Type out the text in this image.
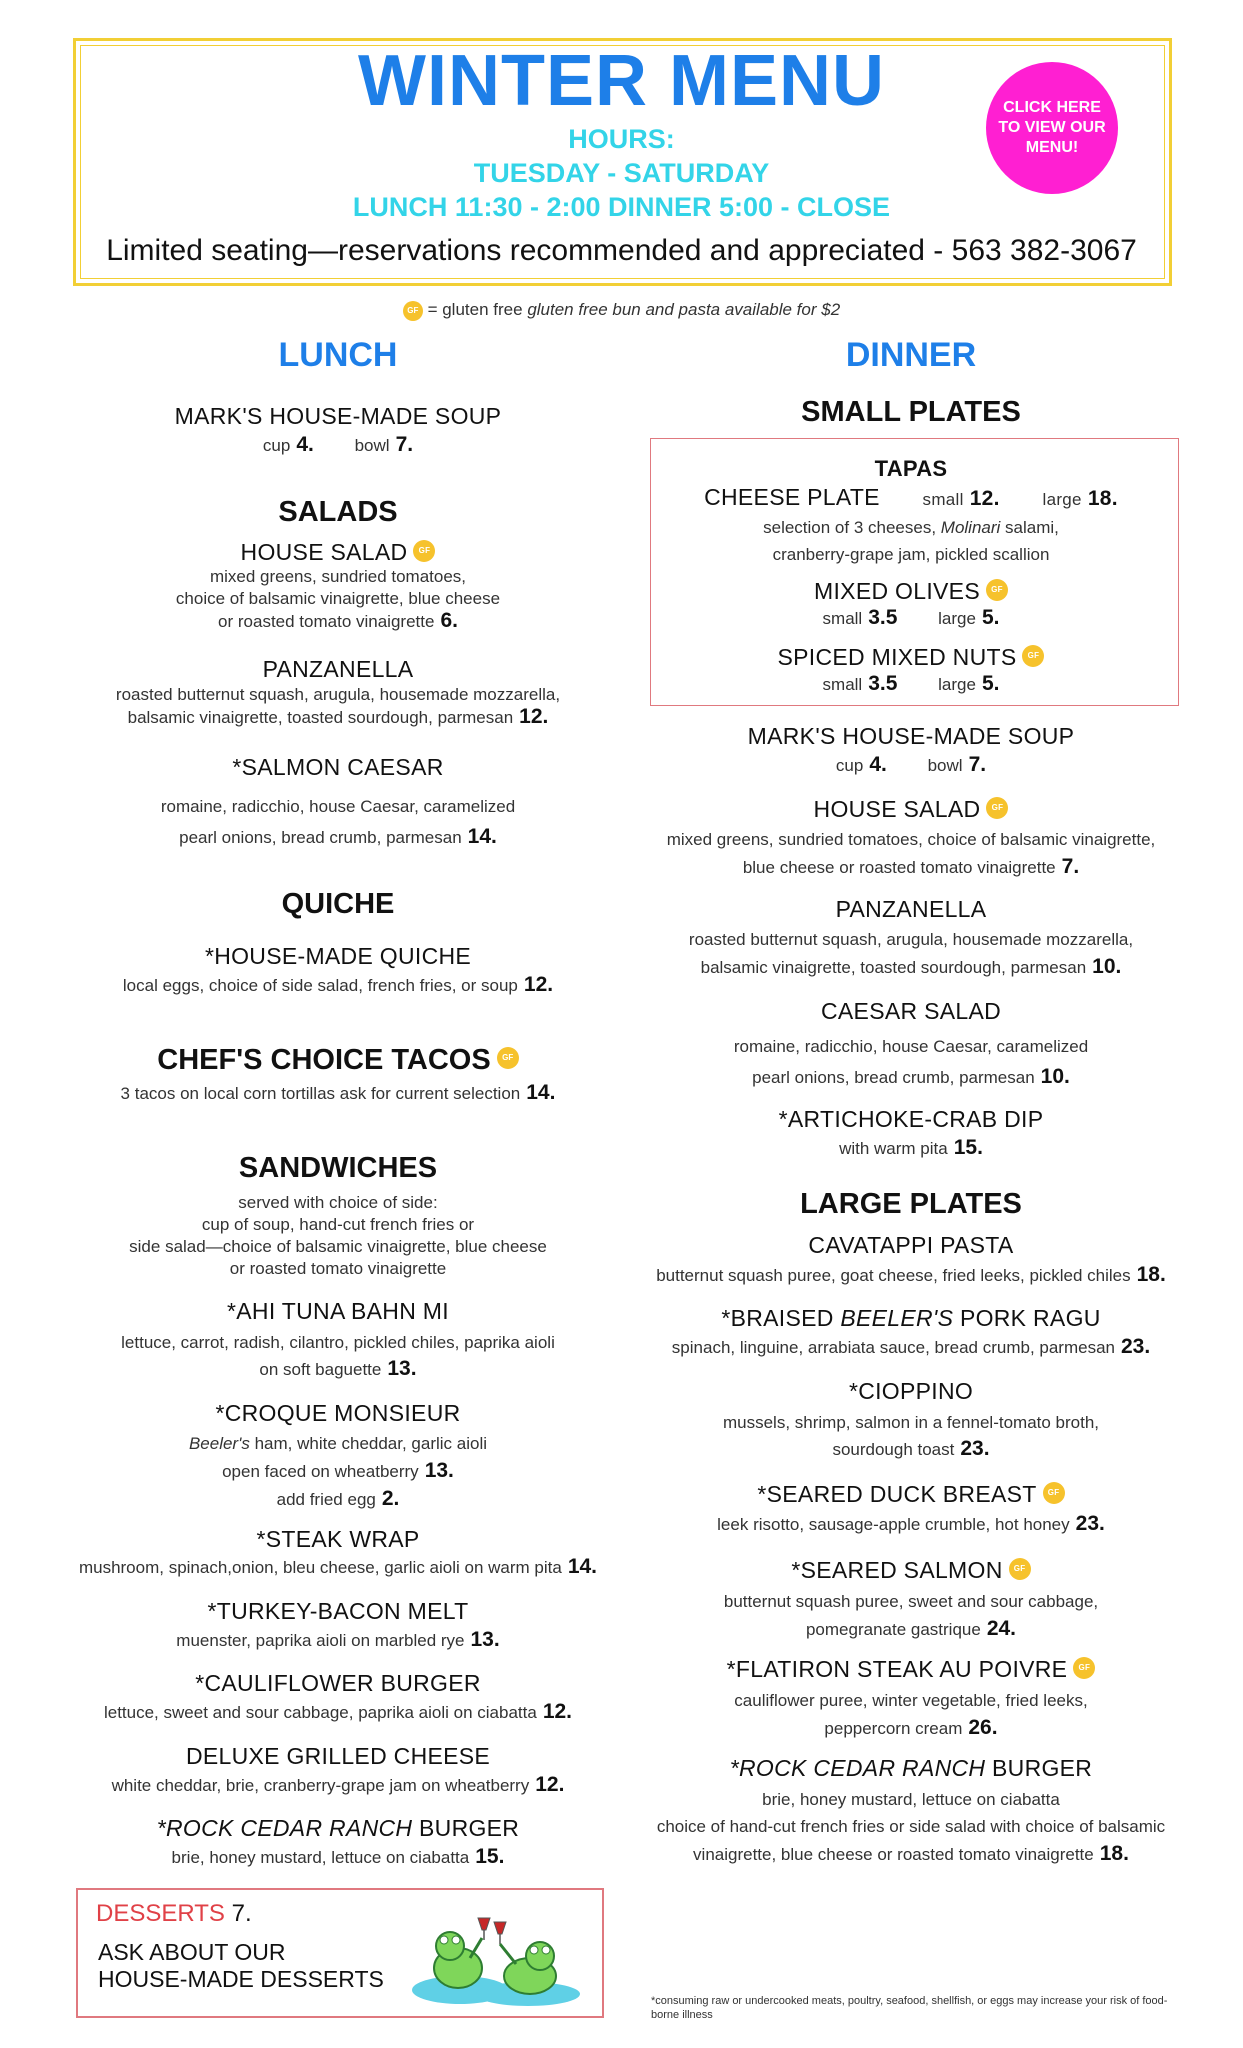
WINTER MENU
HOURS:
TUESDAY - SATURDAY
LUNCH 11:30 - 2:00 DINNER 5:00 - CLOSE
Limited seating—reservations recommended and appreciated - 563 382-3067
CLICK HERE TO VIEW OUR MENU!
GF = gluten free gluten free bun and pasta available for $2
LUNCH
MARK'S HOUSE-MADE SOUP
cup 4. bowl 7.
SALADS
HOUSE SALAD GF
mixed greens, sundried tomatoes,
choice of balsamic vinaigrette, blue cheese
or roasted tomato vinaigrette 6.
PANZANELLA
roasted butternut squash, arugula, housemade mozzarella,
balsamic vinaigrette, toasted sourdough, parmesan 12.
*SALMON CAESAR
romaine, radicchio, house Caesar, caramelized
pearl onions, bread crumb, parmesan 14.
QUICHE
*HOUSE-MADE QUICHE
local eggs, choice of side salad, french fries, or soup 12.
CHEF'S CHOICE TACOS GF
3 tacos on local corn tortillas ask for current selection 14.
SANDWICHES
served with choice of side:
cup of soup, hand-cut french fries or
side salad—choice of balsamic vinaigrette, blue cheese
or roasted tomato vinaigrette
*AHI TUNA BAHN MI
lettuce, carrot, radish, cilantro, pickled chiles, paprika aioli
on soft baguette 13.
*CROQUE MONSIEUR
Beeler's ham, white cheddar, garlic aioli
open faced on wheatberry 13.
add fried egg 2.
*STEAK WRAP
mushroom, spinach,onion, bleu cheese, garlic aioli on warm pita 14.
*TURKEY-BACON MELT
muenster, paprika aioli on marbled rye 13.
*CAULIFLOWER BURGER
lettuce, sweet and sour cabbage, paprika aioli on ciabatta 12.
DELUXE GRILLED CHEESE
white cheddar, brie, cranberry-grape jam on wheatberry 12.
*ROCK CEDAR RANCH BURGER
brie, honey mustard, lettuce on ciabatta 15.
DESSERTS 7.
ASK ABOUT OUR
HOUSE-MADE DESSERTS
DINNER
SMALL PLATES
TAPAS
CHEESE PLATE	small 12.	large 18.
selection of 3 cheeses, Molinari salami,
cranberry-grape jam, pickled scallion
MIXED OLIVES GF
small 3.5 large 5.
SPICED MIXED NUTS GF
small 3.5 large 5.
MARK'S HOUSE-MADE SOUP
cup 4. bowl 7.
HOUSE SALAD GF
mixed greens, sundried tomatoes, choice of balsamic vinaigrette,
blue cheese or roasted tomato vinaigrette 7.
PANZANELLA
roasted butternut squash, arugula, housemade mozzarella,
balsamic vinaigrette, toasted sourdough, parmesan 10.
CAESAR SALAD
romaine, radicchio, house Caesar, caramelized
pearl onions, bread crumb, parmesan 10.
*ARTICHOKE-CRAB DIP
with warm pita 15.
LARGE PLATES
CAVATAPPI PASTA
butternut squash puree, goat cheese, fried leeks, pickled chiles 18.
*BRAISED BEELER'S PORK RAGU
spinach, linguine, arrabiata sauce, bread crumb, parmesan 23.
*CIOPPINO
mussels, shrimp, salmon in a fennel-tomato broth,
sourdough toast 23.
*SEARED DUCK BREAST GF
leek risotto, sausage-apple crumble, hot honey 23.
*SEARED SALMON GF
butternut squash puree, sweet and sour cabbage,
pomegranate gastrique 24.
*FLATIRON STEAK AU POIVRE GF
cauliflower puree, winter vegetable, fried leeks,
peppercorn cream 26.
*ROCK CEDAR RANCH BURGER
brie, honey mustard, lettuce on ciabatta
choice of hand-cut french fries or side salad with choice of balsamic
vinaigrette, blue cheese or roasted tomato vinaigrette 18.
*consuming raw or undercooked meats, poultry, seafood, shellfish, or eggs may increase your risk of food-borne illness
